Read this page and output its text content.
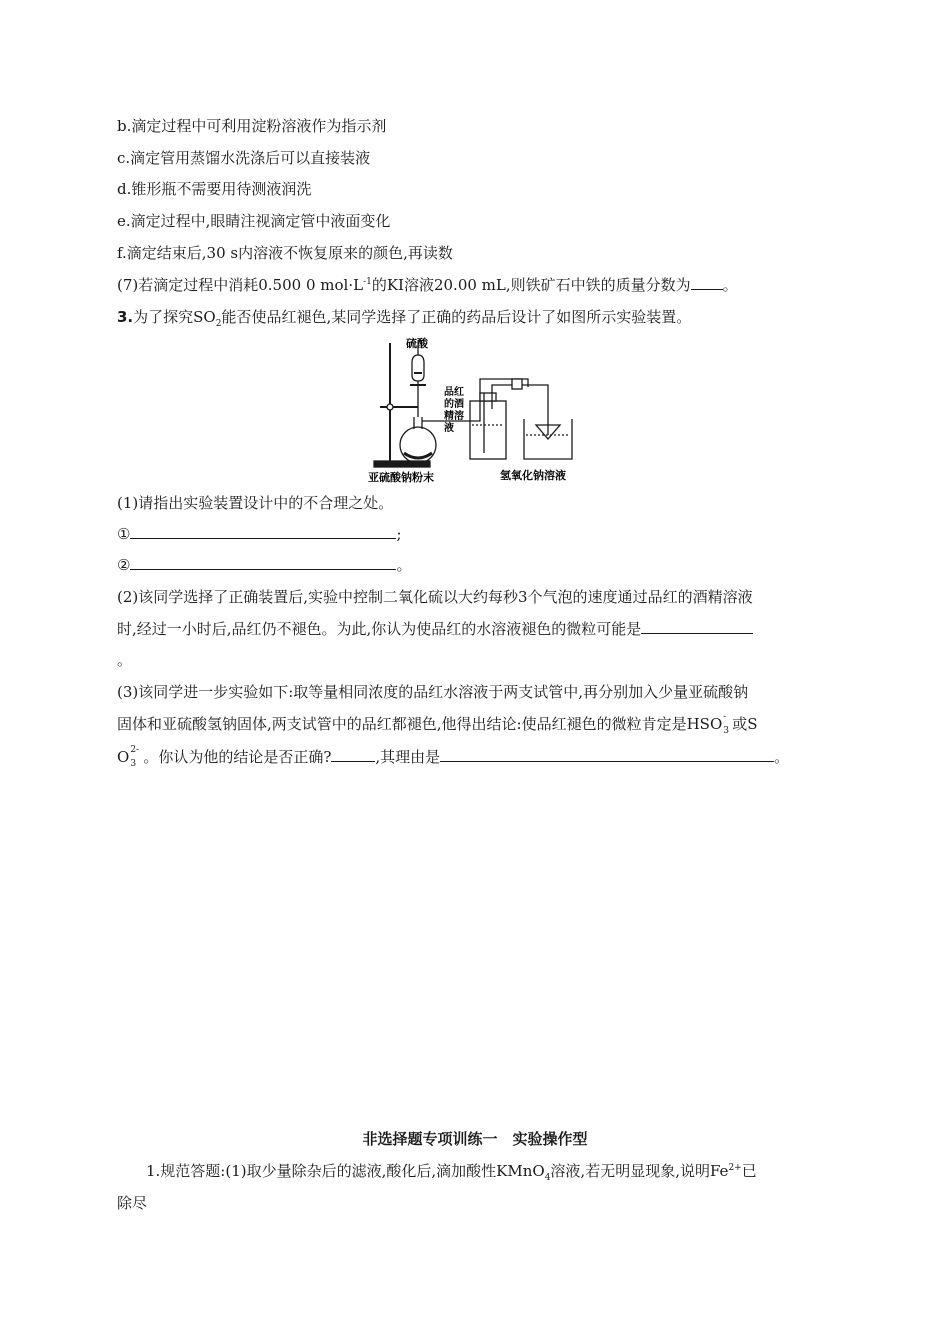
b.滴定过程中可利用淀粉溶液作为指示剂
c.滴定管用蒸馏水洗涤后可以直接装液
d.锥形瓶不需要用待测液润洗
e.滴定过程中,眼睛注视滴定管中液面变化
f.滴定结束后,30 s内溶液不恢复原来的颜色,再读数
(7)若滴定过程中消耗0.500 0 $mol\cdot L^{-1}$的KI溶液20.00 mL,则铁矿石中铁的质量分数为 。
3.为了探究$SO_2$能否使品红褪色,某同学选择了正确的药品后设计了如图所示实验装置。
硫酸
品红
的酒
精溶
液
亚硫酸钠粉末	氢氧化钠溶液
(1)请指出实验装置设计中的不合理之处。
①	;
②	。
(2)该同学选择了正确装置后,实验中控制二氧化硫以大约每秒3个气泡的速度通过品红的酒精溶液
时,经过一小时后,品红仍不褪色。为此,你认为使品红的水溶液褪色的微粒可能是
。
(3)该同学进一步实验如下:取等量相同浓度的品红水溶液于两支试管中,再分别加入少量亚硫酸钠
固体和亚硫酸氢钠固体,两支试管中的品红都褪色,他得出结论:使品红褪色的微粒肯定是HSO -
3 或S
O 2-
3 。你认为他的结论是否正确?	,其理由是	。
非选择题专项训练一　实验操作型
1.规范答题:(1)取少量除杂后的滤液,酸化后,滴加酸性KMnO$_4$溶液,若无明显现象,说明$Fe^{2+}$已
除尽
